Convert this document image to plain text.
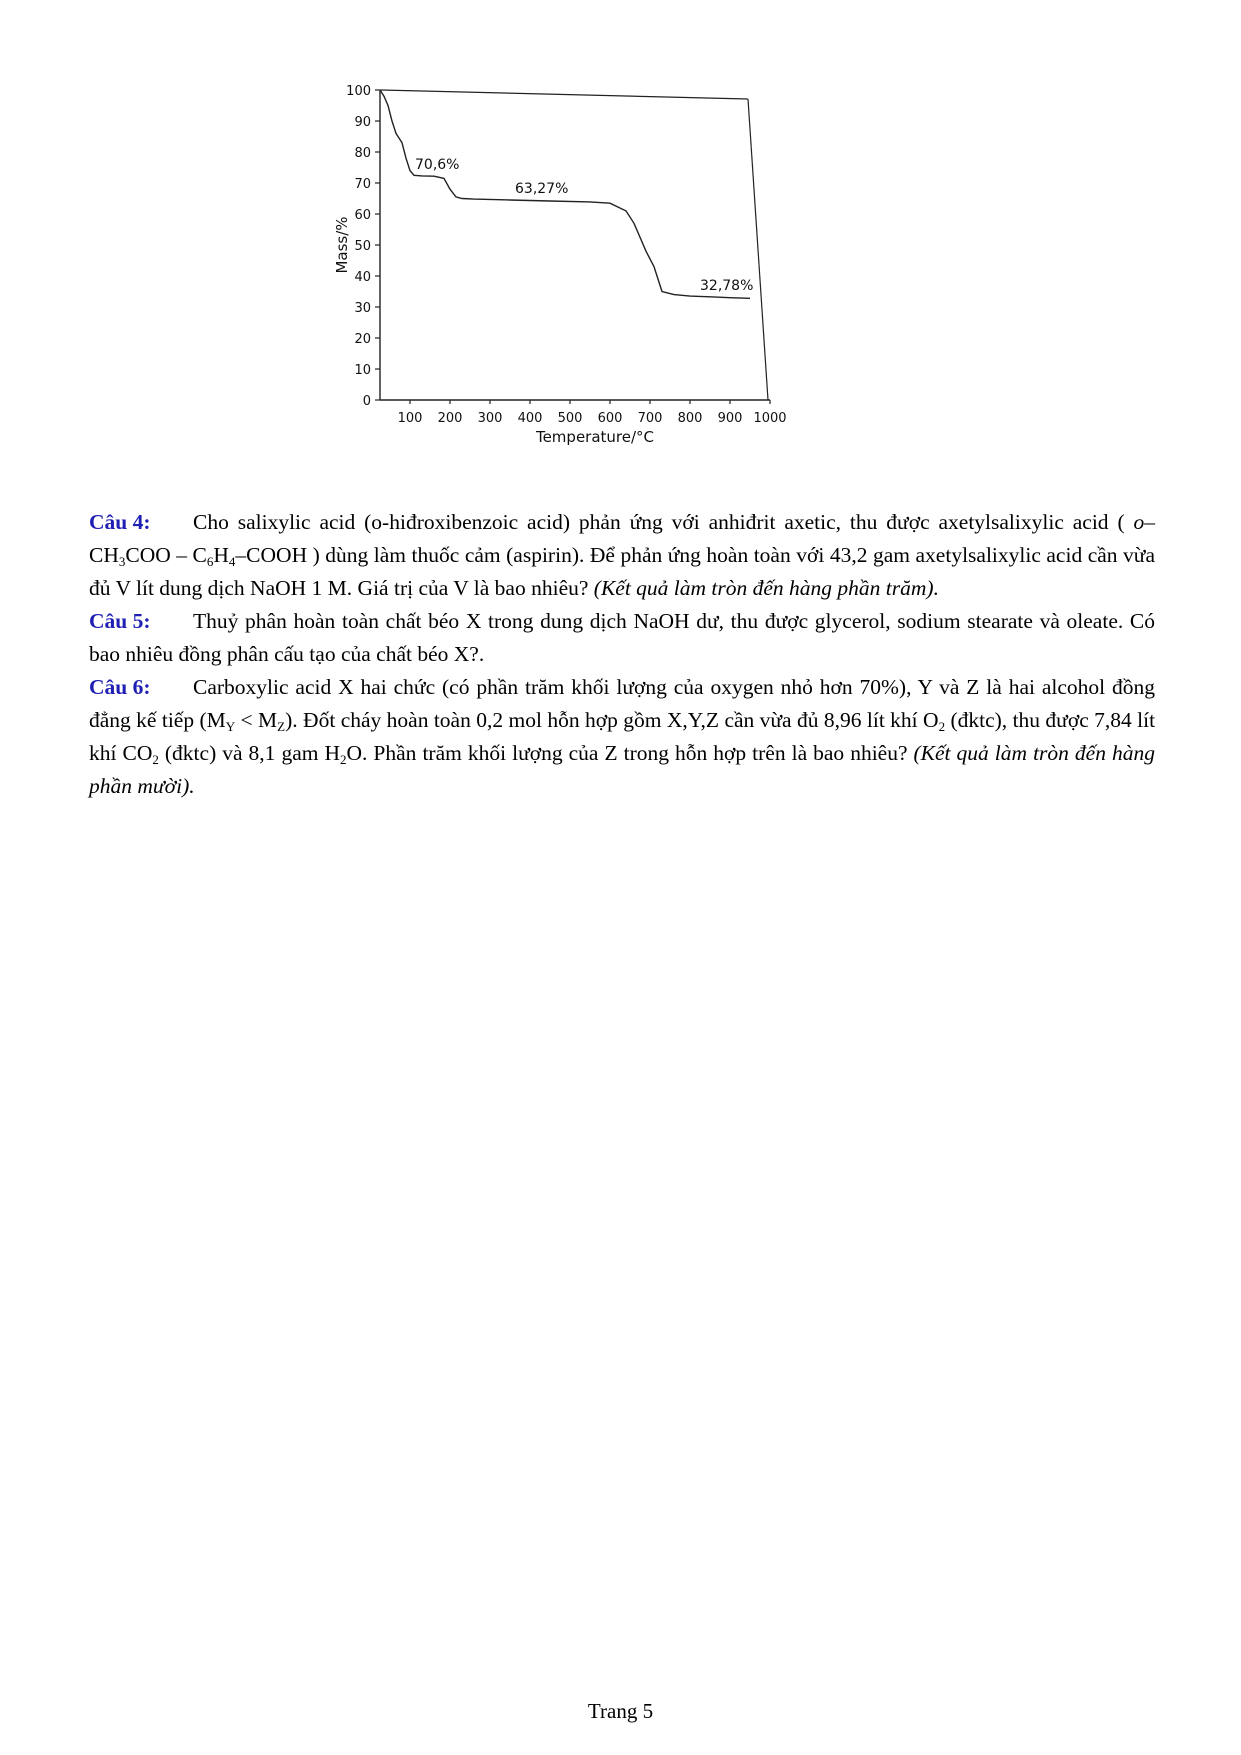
0
10
20
30
40
50
60
70
80
90
100
100 200 300 400 500 600 700 800 900 1000
70,6%
63,27%
32,78%
Temperature/°C
Mass/%

Câu 4: Cho salixylic acid (o-hiđroxibenzoic acid) phản ứng với anhiđrit axetic, thu được axetylsalixylic acid ( $o-CH_3COO$ – $C_6H_4$–COOH ) dùng làm thuốc cảm (aspirin). Để phản ứng hoàn toàn với 43,2 gam axetylsalixylic acid cần vừa đủ V lít dung dịch NaOH 1 M. Giá trị của V là bao nhiêu? (Kết quả làm tròn đến hàng phần trăm).

Câu 5: Thuỷ phân hoàn toàn chất béo X trong dung dịch NaOH dư, thu được glycerol, sodium stearate và oleate. Có bao nhiêu đồng phân cấu tạo của chất béo X?.

Câu 6: Carboxylic acid X hai chức (có phần trăm khối lượng của oxygen nhỏ hơn 70%), Y và Z là hai alcohol đồng đẳng kế tiếp $(M_Y < M_Z)$. Đốt cháy hoàn toàn 0,2 mol hỗn hợp gồm X,Y,Z cần vừa đủ 8,96 lít khí $O_2$ (đktc), thu được 7,84 lít khí $CO_2$ (đktc) và 8,1 gam $H_2O$. Phần trăm khối lượng của Z trong hỗn hợp trên là bao nhiêu? (Kết quả làm tròn đến hàng phần mười).

Trang 5
